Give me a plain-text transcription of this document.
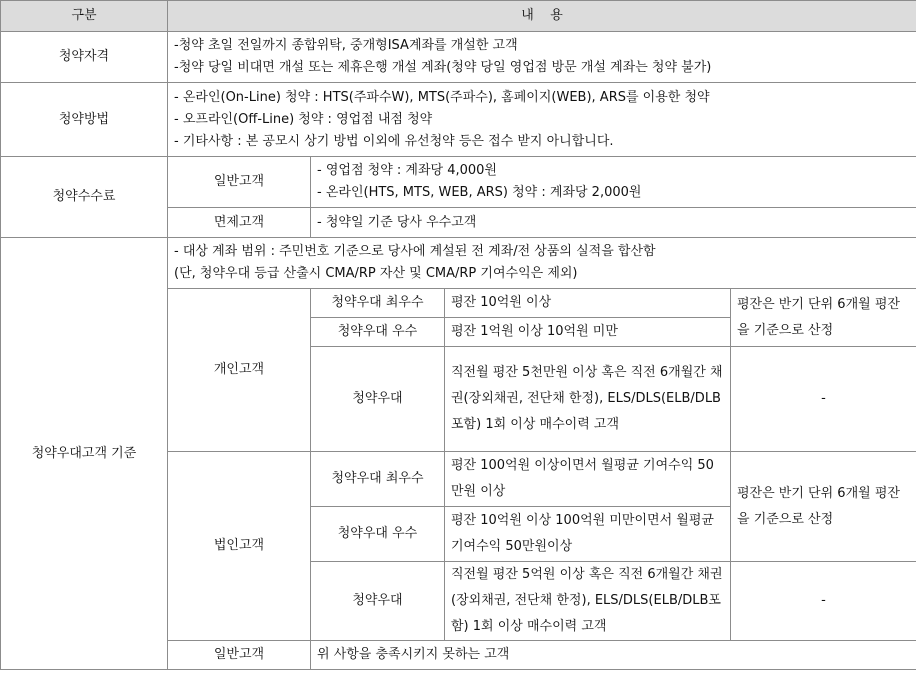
구분	내    용			
청약자격	-청약 초일 전일까지 종합위탁, 중개형ISA계좌를 개설한 고객
-청약 당일 비대면 개설 또는 제휴은행 개설 계좌(청약 당일 영업점 방문 개설 계좌는 청약 불가)			

청약방법	- 온라인(On-Line) 청약 : HTS(주파수W), MTS(주파수), 홈페이지(WEB), ARS를 이용한 청약
- 오프라인(Off-Line) 청약 : 영업점 내점 청약
- 기타사항 : 본 공모시 상기 방법 이외에 유선청약 등은 접수 받지 아니합니다.			

청약수수료	일반고객	- 영업점 청약 : 계좌당 4,000원
- 온라인(HTS, MTS, WEB, ARS) 청약 : 계좌당 2,000원		

	면제고객	- 청약일 기준 당사 우수고객		
청약우대고객 기준	- 대상 계좌 범위 : 주민번호 기준으로 당사에 계설된 전 계좌/전 상품의 실적을 합산함
(단, 청약우대 등급 산출시 CMA/RP 자산 및 CMA/RP 기여수익은 제외)			

	개인고객	청약우대 최우수	평잔 10억원 이상	평잔은 반기 단위 6개월 평잔을 기준으로 산정
		청약우대 우수	평잔 1억원 이상 10억원 미만	
		청약우대	직전월 평잔 5천만원 이상 혹은 직전 6개월간 채권(장외채권, 전단채 한정), ELS/DLS(ELB/DLB포함) 1회 이상 매수이력 고객	-
	법인고객	청약우대 최우수	평잔 100억원 이상이면서 월평균 기여수익 50만원 이상	평잔은 반기 단위 6개월 평잔을 기준으로 산정
		청약우대 우수	평잔 10억원 이상 100억원 미만이면서 월평균 기여수익 50만원이상	
		청약우대	직전월 평잔 5억원 이상 혹은 직전 6개월간 채권(장외채권, 전단채 한정), ELS/DLS(ELB/DLB포함) 1회 이상 매수이력 고객	-
	일반고객	위 사항을 충족시키지 못하는 고객		
